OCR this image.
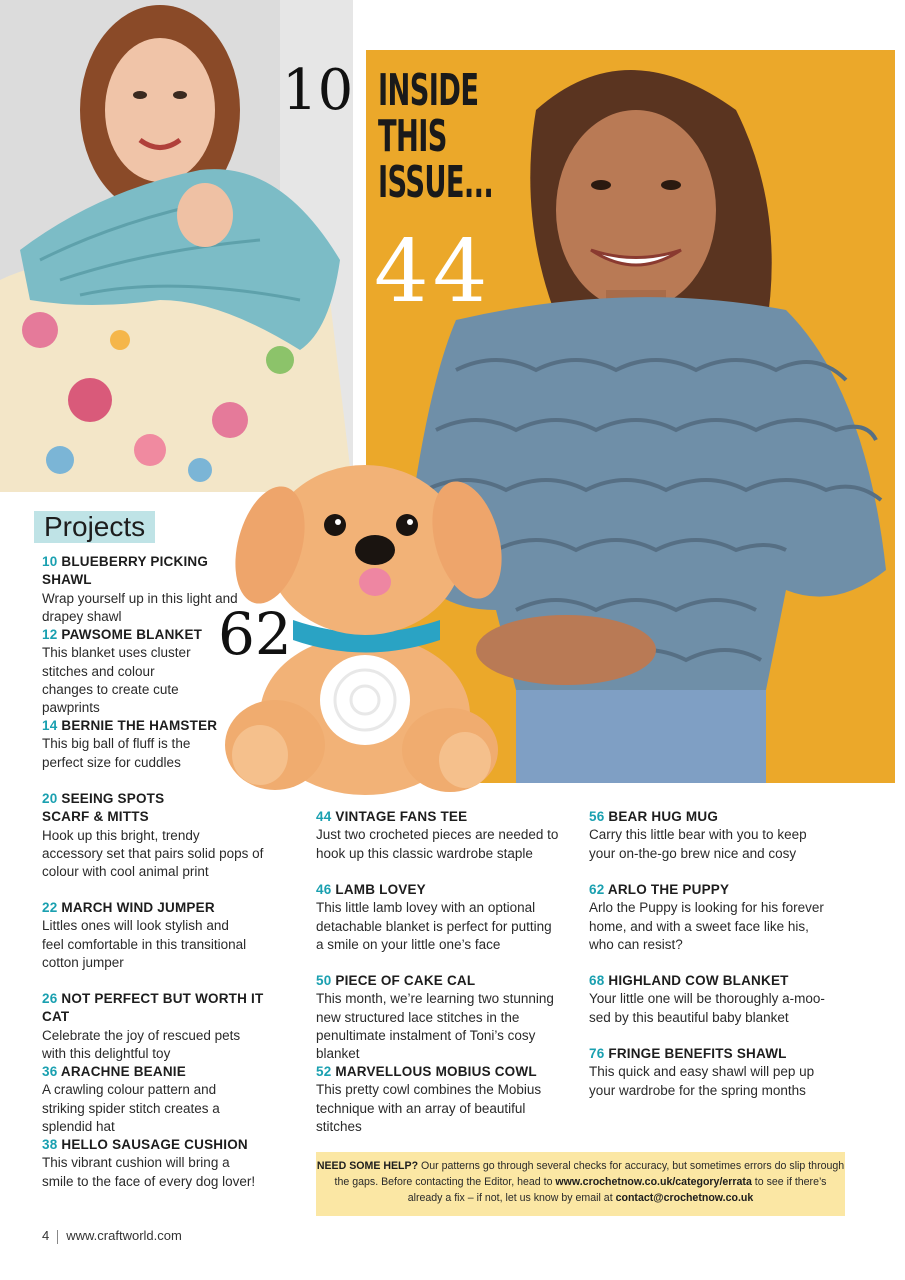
10 INSIDE
THIS
ISSUE...
44
62
Projects
10 BLUEBERRY PICKING SHAWL
Wrap yourself up in this light and drapey shawl
12 PAWSOME BLANKET
This blanket uses cluster stitches and colour changes to create cute pawprints
14 BERNIE THE HAMSTER
This big ball of fluff is the perfect size for cuddles
20 SEEING SPOTS SCARF & MITTS
Hook up this bright, trendy accessory set that pairs solid pops of colour with cool animal print
22 MARCH WIND JUMPER
Littles ones will look stylish and feel comfortable in this transitional cotton jumper
26 NOT PERFECT BUT WORTH IT CAT
Celebrate the joy of rescued pets with this delightful toy
36 ARACHNE BEANIE
A crawling colour pattern and striking spider stitch creates a splendid hat
38 HELLO SAUSAGE CUSHION
This vibrant cushion will bring a smile to the face of every dog lover!
44 VINTAGE FANS TEE
Just two crocheted pieces are needed to hook up this classic wardrobe staple
46 LAMB LOVEY
This little lamb lovey with an optional detachable blanket is perfect for putting a smile on your little one’s face
50 PIECE OF CAKE CAL
This month, we’re learning two stunning new structured lace stitches in the penultimate instalment of Toni’s cosy blanket
52 MARVELLOUS MOBIUS COWL
This pretty cowl combines the Mobius technique with an array of beautiful stitches
56 BEAR HUG MUG
Carry this little bear with you to keep your on-the-go brew nice and cosy
62 ARLO THE PUPPY
Arlo the Puppy is looking for his forever home, and with a sweet face like his, who can resist?
68 HIGHLAND COW BLANKET
Your little one will be thoroughly a-moo-sed by this beautiful baby blanket
76 FRINGE BENEFITS SHAWL
This quick and easy shawl will pep up your wardrobe for the spring months
NEED SOME HELP? Our patterns go through several checks for accuracy, but sometimes errors do slip through the gaps. Before contacting the Editor, head to www.crochetnow.co.uk/category/errata to see if there’s already a fix – if not, let us know by email at contact@crochetnow.co.uk
4 www.craftworld.com
